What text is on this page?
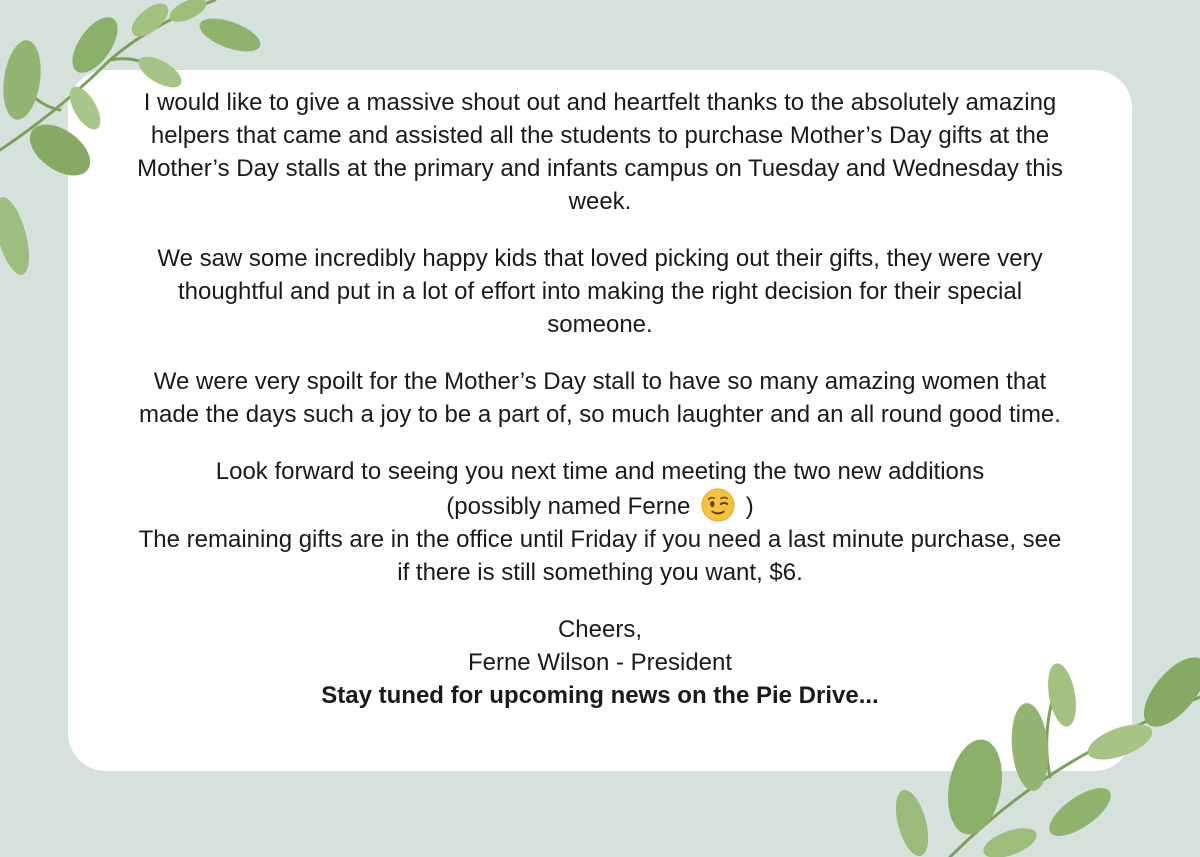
I would like to give a massive shout out and heartfelt thanks to the absolutely amazing helpers that came and assisted all the students to purchase Mother’s Day gifts at the Mother’s Day stalls at the primary and infants campus on Tuesday and Wednesday this week.

We saw some incredibly happy kids that loved picking out their gifts, they were very thoughtful and put in a lot of effort into making the right decision for their special someone.

We were very spoilt for the Mother’s Day stall to have so many amazing women that made the days such a joy to be a part of, so much laughter and an all round good time.

Look forward to seeing you next time and meeting the two new additions
(possibly named Ferne )
The remaining gifts are in the office until Friday if you need a last minute purchase, see if there is still something you want, $6.

Cheers,
Ferne Wilson - President
Stay tuned for upcoming news on the Pie Drive...
